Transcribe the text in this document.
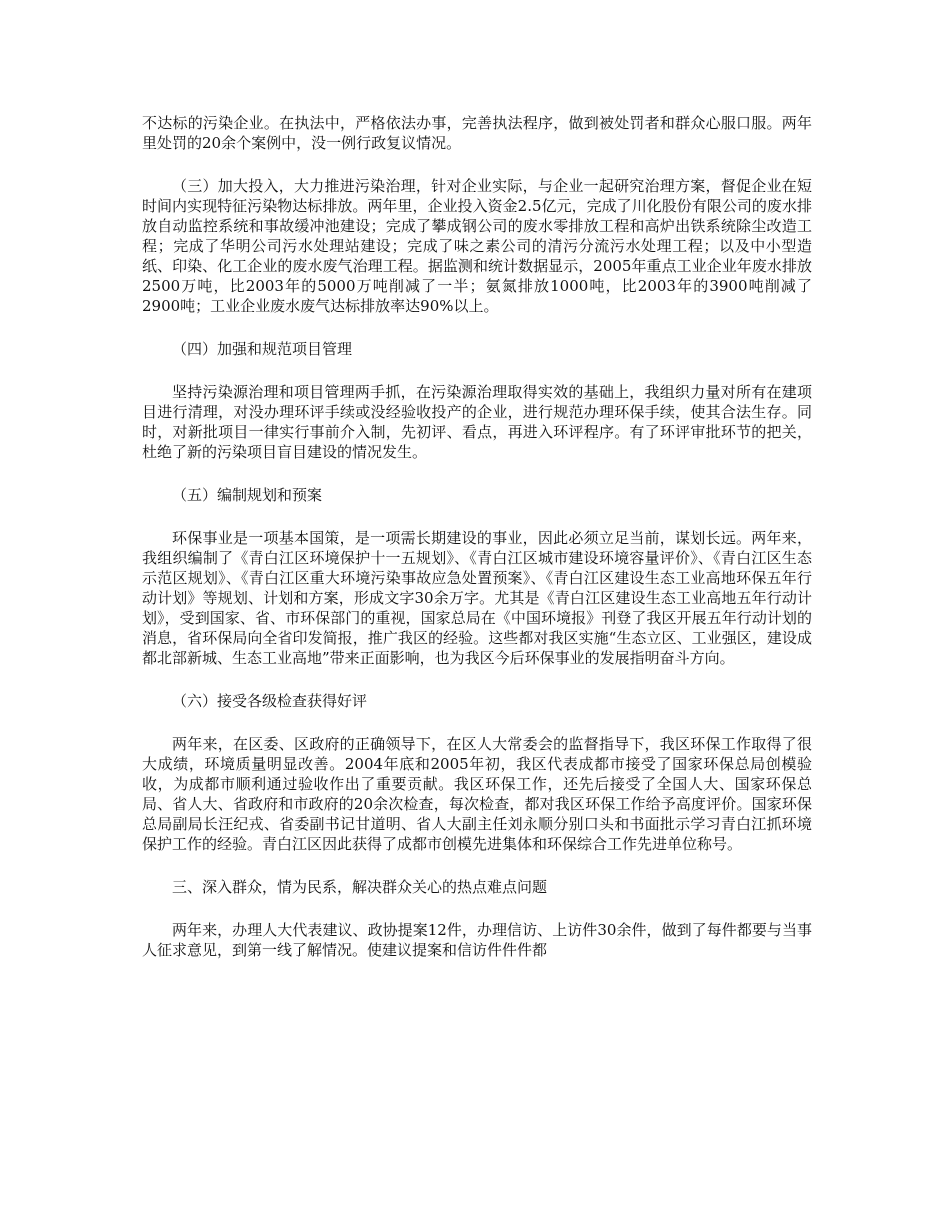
不达标的污染企业。在执法中，严格依法办事，完善执法程序，做到被处罚者和群众心服口服。两年里处罚的20余个案例中，没一例行政复议情况。

（三）加大投入，大力推进污染治理，针对企业实际，与企业一起研究治理方案，督促企业在短时间内实现特征污染物达标排放。两年里，企业投入资金2.5亿元，完成了川化股份有限公司的废水排放自动监控系统和事故缓冲池建设；完成了攀成钢公司的废水零排放工程和高炉出铁系统除尘改造工程；完成了华明公司污水处理站建设；完成了味之素公司的清污分流污水处理工程；以及中小型造纸、印染、化工企业的废水废气治理工程。据监测和统计数据显示，2005年重点工业企业年废水排放2500万吨，比2003年的5000万吨削减了一半；氨氮排放1000吨，比2003年的3900吨削减了2900吨；工业企业废水废气达标排放率达90%以上。

（四）加强和规范项目管理

坚持污染源治理和项目管理两手抓，在污染源治理取得实效的基础上，我组织力量对所有在建项目进行清理，对没办理环评手续或没经验收投产的企业，进行规范办理环保手续，使其合法生存。同时，对新批项目一律实行事前介入制，先初评、看点，再进入环评程序。有了环评审批环节的把关，杜绝了新的污染项目盲目建设的情况发生。

（五）编制规划和预案

环保事业是一项基本国策，是一项需长期建设的事业，因此必须立足当前，谋划长远。两年来，我组织编制了《青白江区环境保护十一五规划》、《青白江区城市建设环境容量评价》、《青白江区生态示范区规划》、《青白江区重大环境污染事故应急处置预案》、《青白江区建设生态工业高地环保五年行动计划》等规划、计划和方案，形成文字30余万字。尤其是《青白江区建设生态工业高地五年行动计划》，受到国家、省、市环保部门的重视，国家总局在《中国环境报》刊登了我区开展五年行动计划的消息，省环保局向全省印发简报，推广我区的经验。这些都对我区实施“生态立区、工业强区，建设成都北部新城、生态工业高地”带来正面影响，也为我区今后环保事业的发展指明奋斗方向。

（六）接受各级检查获得好评

两年来，在区委、区政府的正确领导下，在区人大常委会的监督指导下，我区环保工作取得了很大成绩，环境质量明显改善。2004年底和2005年初，我区代表成都市接受了国家环保总局创模验收，为成都市顺利通过验收作出了重要贡献。我区环保工作，还先后接受了全国人大、国家环保总局、省人大、省政府和市政府的20余次检查，每次检查，都对我区环保工作给予高度评价。国家环保总局副局长汪纪戎、省委副书记甘道明、省人大副主任刘永顺分别口头和书面批示学习青白江抓环境保护工作的经验。青白江区因此获得了成都市创模先进集体和环保综合工作先进单位称号。

三、深入群众，情为民系，解决群众关心的热点难点问题

两年来，办理人大代表建议、政协提案12件，办理信访、上访件30余件，做到了每件都要与当事人征求意见，到第一线了解情况。使建议提案和信访件件件都
